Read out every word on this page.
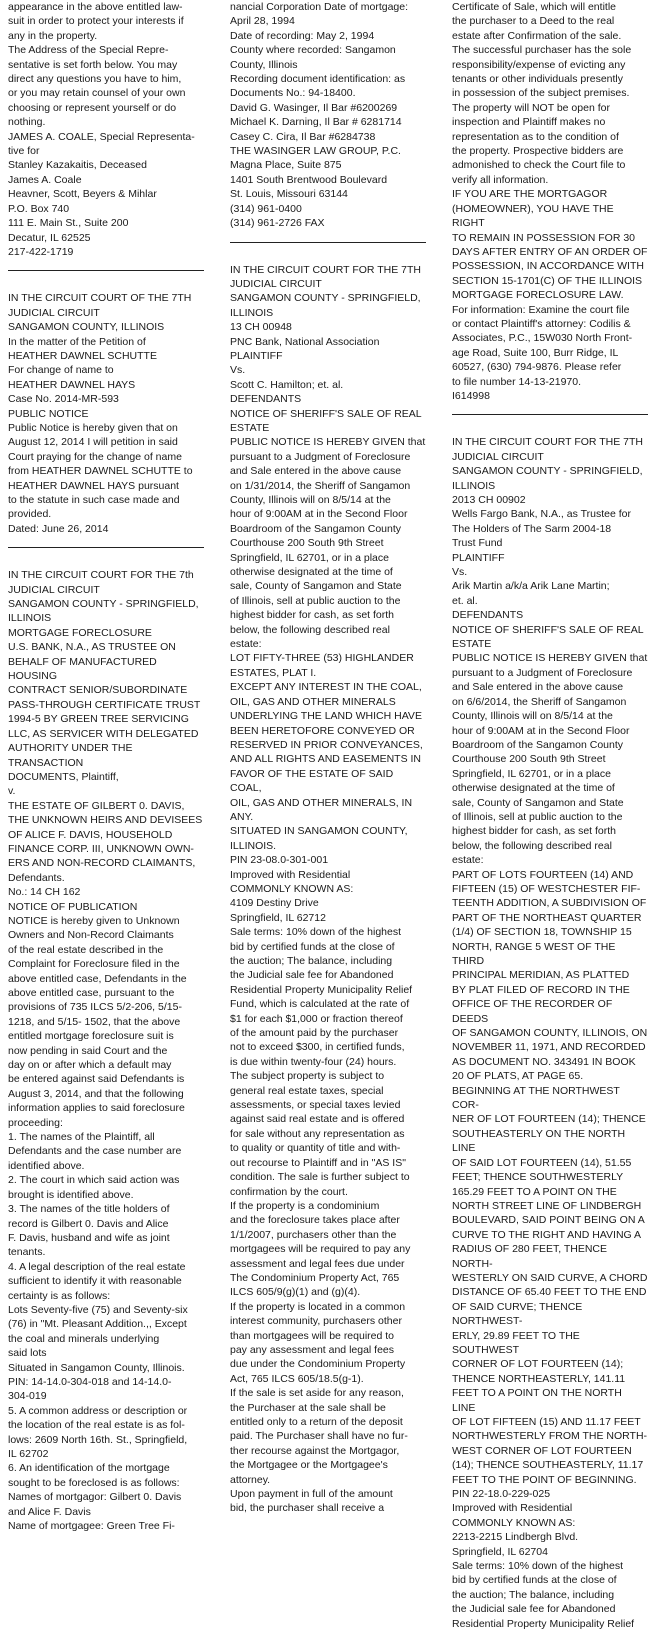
appearance in the above entitled law-
suit in order to protect your interests if
any in the property.
The Address of the Special Repre-
sentative is set forth below. You may
direct any questions you have to him,
or you may retain counsel of your own
choosing or represent yourself or do
nothing.
JAMES A. COALE, Special Representa-
tive for
Stanley Kazakaitis, Deceased
James A. Coale
Heavner, Scott, Beyers & Mihlar
P.O. Box 740
111 E. Main St., Suite 200
Decatur, IL 62525
217-422-1719

IN THE CIRCUIT COURT OF THE 7TH
JUDICIAL CIRCUIT
SANGAMON COUNTY, ILLINOIS
In the matter of the Petition of
HEATHER DAWNEL SCHUTTE
For change of name to
HEATHER DAWNEL HAYS
Case No. 2014-MR-593
PUBLIC NOTICE
Public Notice is hereby given that on
August 12, 2014 I will petition in said
Court praying for the change of name
from HEATHER DAWNEL SCHUTTE to
HEATHER DAWNEL HAYS pursuant
to the statute in such case made and
provided.
Dated: June 26, 2014

IN THE CIRCUIT COURT FOR THE 7th
JUDICIAL CIRCUIT
SANGAMON COUNTY - SPRINGFIELD,
ILLINOIS
MORTGAGE FORECLOSURE
U.S. BANK, N.A., AS TRUSTEE ON
BEHALF OF MANUFACTURED HOUSING
CONTRACT SENIOR/SUBORDINATE
PASS-THROUGH CERTIFICATE TRUST
1994-5 BY GREEN TREE SERVICING
LLC, AS SERVICER WITH DELEGATED
AUTHORITY UNDER THE TRANSACTION
DOCUMENTS, Plaintiff,
v.
THE ESTATE OF GILBERT 0. DAVIS,
THE UNKNOWN HEIRS AND DEVISEES
OF ALICE F. DAVIS, HOUSEHOLD
FINANCE CORP. III, UNKNOWN OWN-
ERS AND NON-RECORD CLAIMANTS,
Defendants.
No.: 14 CH 162
NOTICE OF PUBLICATION
NOTICE is hereby given to Unknown
Owners and Non-Record Claimants
of the real estate described in the
Complaint for Foreclosure filed in the
above entitled case, Defendants in the
above entitled case, pursuant to the
provisions of 735 ILCS 5/2-206, 5/15-
1218, and 5/15- 1502, that the above
entitled mortgage foreclosure suit is
now pending in said Court and the
day on or after which a default may
be entered against said Defendants is
August 3, 2014, and that the following
information applies to said foreclosure
proceeding:
1. The names of the Plaintiff, all
Defendants and the case number are
identified above.
2. The court in which said action was
brought is identified above.
3. The names of the title holders of
record is Gilbert 0. Davis and Alice
F. Davis, husband and wife as joint
tenants.
4. A legal description of the real estate
sufficient to identify it with reasonable
certainty is as follows:
Lots Seventy-five (75) and Seventy-six
(76) in "Mt. Pleasant Addition.,, Except
the coal and minerals underlying
said lots
Situated in Sangamon County, Illinois.
PIN: 14-14.0-304-018 and 14-14.0-
304-019
5. A common address or description or
the location of the real estate is as fol-
lows: 2609 North 16th. St., Springfield,
IL 62702
6. An identification of the mortgage
sought to be foreclosed is as follows:
Names of mortgagor: Gilbert 0. Davis
and Alice F. Davis
Name of mortgagee: Green Tree Fi-

nancial Corporation Date of mortgage:
April 28, 1994
Date of recording: May 2, 1994
County where recorded: Sangamon
County, Illinois
Recording document identification: as
Documents No.: 94-18400.
David G. Wasinger, Il Bar #6200269
Michael K. Darning, Il Bar # 6281714
Casey C. Cira, Il Bar #6284738
THE WASINGER LAW GROUP, P.C.
Magna Place, Suite 875
1401 South Brentwood Boulevard
St. Louis, Missouri 63144
(314) 961-0400
(314) 961-2726 FAX

IN THE CIRCUIT COURT FOR THE 7TH
JUDICIAL CIRCUIT
SANGAMON COUNTY - SPRINGFIELD,
ILLINOIS
13 CH 00948
PNC Bank, National Association
PLAINTIFF
Vs.
Scott C. Hamilton; et. al.
DEFENDANTS
NOTICE OF SHERIFF'S SALE OF REAL
ESTATE
PUBLIC NOTICE IS HEREBY GIVEN that
pursuant to a Judgment of Foreclosure
and Sale entered in the above cause
on 1/31/2014, the Sheriff of Sangamon
County, Illinois will on 8/5/14 at the
hour of 9:00AM at in the Second Floor
Boardroom of the Sangamon County
Courthouse 200 South 9th Street
Springfield, IL 62701, or in a place
otherwise designated at the time of
sale, County of Sangamon and State
of Illinois, sell at public auction to the
highest bidder for cash, as set forth
below, the following described real
estate:
LOT FIFTY-THREE (53) HIGHLANDER
ESTATES, PLAT I.
EXCEPT ANY INTEREST IN THE COAL,
OIL, GAS AND OTHER MINERALS
UNDERLYING THE LAND WHICH HAVE
BEEN HERETOFORE CONVEYED OR
RESERVED IN PRIOR CONVEYANCES,
AND ALL RIGHTS AND EASEMENTS IN
FAVOR OF THE ESTATE OF SAID COAL,
OIL, GAS AND OTHER MINERALS, IN
ANY.
SITUATED IN SANGAMON COUNTY,
ILLINOIS.
PIN 23-08.0-301-001
Improved with Residential
COMMONLY KNOWN AS:
4109 Destiny Drive
Springfield, IL 62712
Sale terms: 10% down of the highest
bid by certified funds at the close of
the auction; The balance, including
the Judicial sale fee for Abandoned
Residential Property Municipality Relief
Fund, which is calculated at the rate of
$1 for each $1,000 or fraction thereof
of the amount paid by the purchaser
not to exceed $300, in certified funds,
is due within twenty-four (24) hours.
The subject property is subject to
general real estate taxes, special
assessments, or special taxes levied
against said real estate and is offered
for sale without any representation as
to quality or quantity of title and with-
out recourse to Plaintiff and in "AS IS"
condition. The sale is further subject to
confirmation by the court.
If the property is a condominium
and the foreclosure takes place after
1/1/2007, purchasers other than the
mortgagees will be required to pay any
assessment and legal fees due under
The Condominium Property Act, 765
ILCS 605/9(g)(1) and (g)(4).
If the property is located in a common
interest community, purchasers other
than mortgagees will be required to
pay any assessment and legal fees
due under the Condominium Property
Act, 765 ILCS 605/18.5(g-1).
If the sale is set aside for any reason,
the Purchaser at the sale shall be
entitled only to a return of the deposit
paid. The Purchaser shall have no fur-
ther recourse against the Mortgagor,
the Mortgagee or the Mortgagee's
attorney.
Upon payment in full of the amount
bid, the purchaser shall receive a

Certificate of Sale, which will entitle
the purchaser to a Deed to the real
estate after Confirmation of the sale.
The successful purchaser has the sole
responsibility/expense of evicting any
tenants or other individuals presently
in possession of the subject premises.
The property will NOT be open for
inspection and Plaintiff makes no
representation as to the condition of
the property. Prospective bidders are
admonished to check the Court file to
verify all information.
IF YOU ARE THE MORTGAGOR
(HOMEOWNER), YOU HAVE THE RIGHT
TO REMAIN IN POSSESSION FOR 30
DAYS AFTER ENTRY OF AN ORDER OF
POSSESSION, IN ACCORDANCE WITH
SECTION 15-1701(C) OF THE ILLINOIS
MORTGAGE FORECLOSURE LAW.
For information: Examine the court file
or contact Plaintiff's attorney: Codilis &
Associates, P.C., 15W030 North Front-
age Road, Suite 100, Burr Ridge, IL
60527, (630) 794-9876. Please refer
to file number 14-13-21970.
I614998

IN THE CIRCUIT COURT FOR THE 7TH
JUDICIAL CIRCUIT
SANGAMON COUNTY - SPRINGFIELD,
ILLINOIS
2013 CH 00902
Wells Fargo Bank, N.A., as Trustee for
The Holders of The Sarm 2004-18
Trust Fund
PLAINTIFF
Vs.
Arik Martin a/k/a Arik Lane Martin;
et. al.
DEFENDANTS
NOTICE OF SHERIFF'S SALE OF REAL
ESTATE
PUBLIC NOTICE IS HEREBY GIVEN that
pursuant to a Judgment of Foreclosure
and Sale entered in the above cause
on 6/6/2014, the Sheriff of Sangamon
County, Illinois will on 8/5/14 at the
hour of 9:00AM at in the Second Floor
Boardroom of the Sangamon County
Courthouse 200 South 9th Street
Springfield, IL 62701, or in a place
otherwise designated at the time of
sale, County of Sangamon and State
of Illinois, sell at public auction to the
highest bidder for cash, as set forth
below, the following described real
estate:
PART OF LOTS FOURTEEN (14) AND
FIFTEEN (15) OF WESTCHESTER FIF-
TEENTH ADDITION, A SUBDIVISION OF
PART OF THE NORTHEAST QUARTER
(1/4) OF SECTION 18, TOWNSHIP 15
NORTH, RANGE 5 WEST OF THE THIRD
PRINCIPAL MERIDIAN, AS PLATTED
BY PLAT FILED OF RECORD IN THE
OFFICE OF THE RECORDER OF DEEDS
OF SANGAMON COUNTY, ILLINOIS, ON
NOVEMBER 11, 1971, AND RECORDED
AS DOCUMENT NO. 343491 IN BOOK
20 OF PLATS, AT PAGE 65.
BEGINNING AT THE NORTHWEST COR-
NER OF LOT FOURTEEN (14); THENCE
SOUTHEASTERLY ON THE NORTH LINE
OF SAID LOT FOURTEEN (14), 51.55
FEET; THENCE SOUTHWESTERLY
165.29 FEET TO A POINT ON THE
NORTH STREET LINE OF LINDBERGH
BOULEVARD, SAID POINT BEING ON A
CURVE TO THE RIGHT AND HAVING A
RADIUS OF 280 FEET, THENCE NORTH-
WESTERLY ON SAID CURVE, A CHORD
DISTANCE OF 65.40 FEET TO THE END
OF SAID CURVE; THENCE NORTHWEST-
ERLY, 29.89 FEET TO THE SOUTHWEST
CORNER OF LOT FOURTEEN (14);
THENCE NORTHEASTERLY, 141.11
FEET TO A POINT ON THE NORTH LINE
OF LOT FIFTEEN (15) AND 11.17 FEET
NORTHWESTERLY FROM THE NORTH-
WEST CORNER OF LOT FOURTEEN
(14); THENCE SOUTHEASTERLY, 11.17
FEET TO THE POINT OF BEGINNING.
PIN 22-18.0-229-025
Improved with Residential
COMMONLY KNOWN AS:
2213-2215 Lindbergh Blvd.
Springfield, IL 62704
Sale terms: 10% down of the highest
bid by certified funds at the close of
the auction; The balance, including
the Judicial sale fee for Abandoned
Residential Property Municipality Relief
